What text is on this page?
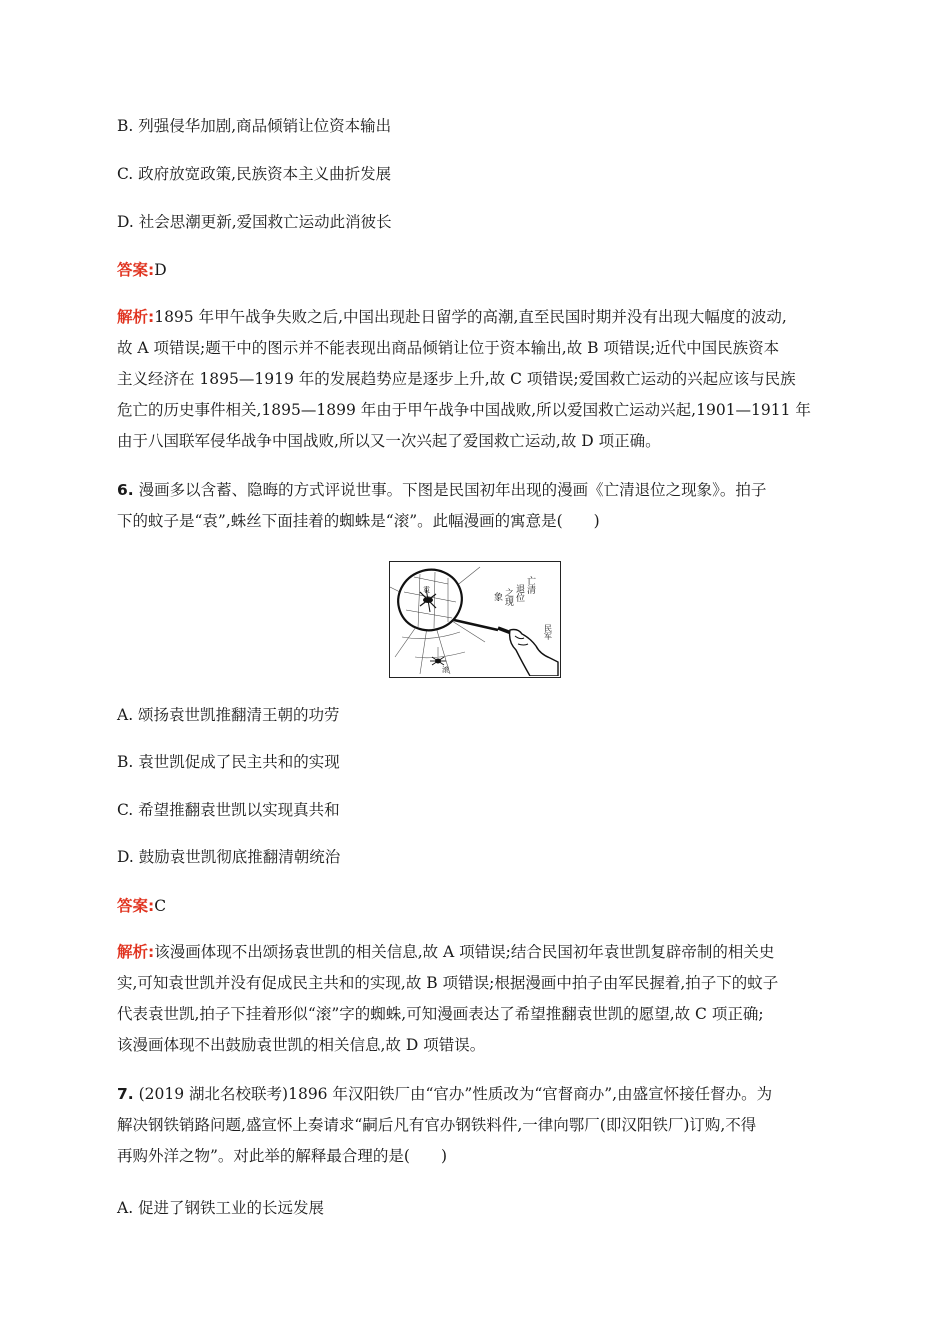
B. 列强侵华加剧,商品倾销让位资本输出
C. 政府放宽政策,民族资本主义曲折发展
D. 社会思潮更新,爱国救亡运动此消彼长
答案:D
解析:1895 年甲午战争失败之后,中国出现赴日留学的高潮,直至民国时期并没有出现大幅度的波动,
故 A 项错误;题干中的图示并不能表现出商品倾销让位于资本输出,故 B 项错误;近代中国民族资本
主义经济在 1895—1919 年的发展趋势应是逐步上升,故 C 项错误;爱国救亡运动的兴起应该与民族
危亡的历史事件相关,1895—1899 年由于甲午战争中国战败,所以爱国救亡运动兴起,1901—1911 年
由于八国联军侵华战争中国战败,所以又一次兴起了爱国救亡运动,故 D 项正确。
6. 漫画多以含蓄、隐晦的方式评说世事。下图是民国初年出现的漫画《亡清退位之现象》。拍子
下的蚊子是“袁”,蛛丝下面挂着的蜘蛛是“滚”。此幅漫画的寓意是(　　)
A. 颂扬袁世凯推翻清王朝的功劳
B. 袁世凯促成了民主共和的实现
C. 希望推翻袁世凯以实现真共和
D. 鼓励袁世凯彻底推翻清朝统治
答案:C
解析:该漫画体现不出颂扬袁世凯的相关信息,故 A 项错误;结合民国初年袁世凯复辟帝制的相关史
实,可知袁世凯并没有促成民主共和的实现,故 B 项错误;根据漫画中拍子由军民握着,拍子下的蚊子
代表袁世凯,拍子下挂着形似“滚”字的蜘蛛,可知漫画表达了希望推翻袁世凯的愿望,故 C 项正确;
该漫画体现不出鼓励袁世凯的相关信息,故 D 项错误。
7. (2019 湖北名校联考)1896 年汉阳铁厂由“官办”性质改为“官督商办”,由盛宣怀接任督办。为
解决钢铁销路问题,盛宣怀上奏请求“嗣后凡有官办钢铁料件,一律向鄂厂(即汉阳铁厂)订购,不得
再购外洋之物”。对此举的解释最合理的是(　　)
A. 促进了钢铁工业的长远发展
亡清
退位
之现
象
民军
袁
滚
